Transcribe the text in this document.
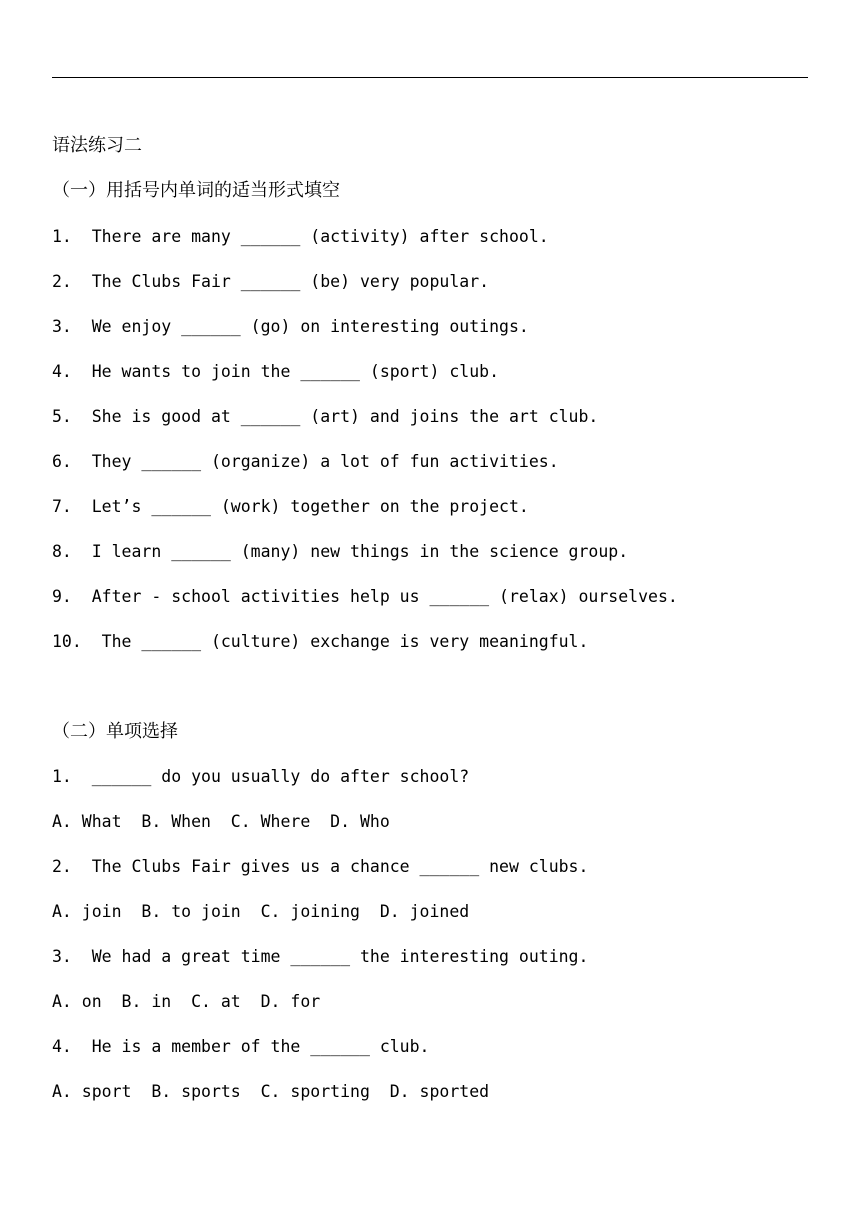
语法练习二
（一）用括号内单词的适当形式填空
1.  There are many ______ (activity) after school.
2.  The Clubs Fair ______ (be) very popular.
3.  We enjoy ______ (go) on interesting outings.
4.  He wants to join the ______ (sport) club.
5.  She is good at ______ (art) and joins the art club.
6.  They ______ (organize) a lot of fun activities.
7.  Let’s ______ (work) together on the project.
8.  I learn ______ (many) new things in the science group.
9.  After - school activities help us ______ (relax) ourselves.
10.  The ______ (culture) exchange is very meaningful.
（二）单项选择
1.  ______ do you usually do after school?
A. What  B. When  C. Where  D. Who
2.  The Clubs Fair gives us a chance ______ new clubs.
A. join  B. to join  C. joining  D. joined
3.  We had a great time ______ the interesting outing.
A. on  B. in  C. at  D. for
4.  He is a member of the ______ club.
A. sport  B. sports  C. sporting  D. sported
